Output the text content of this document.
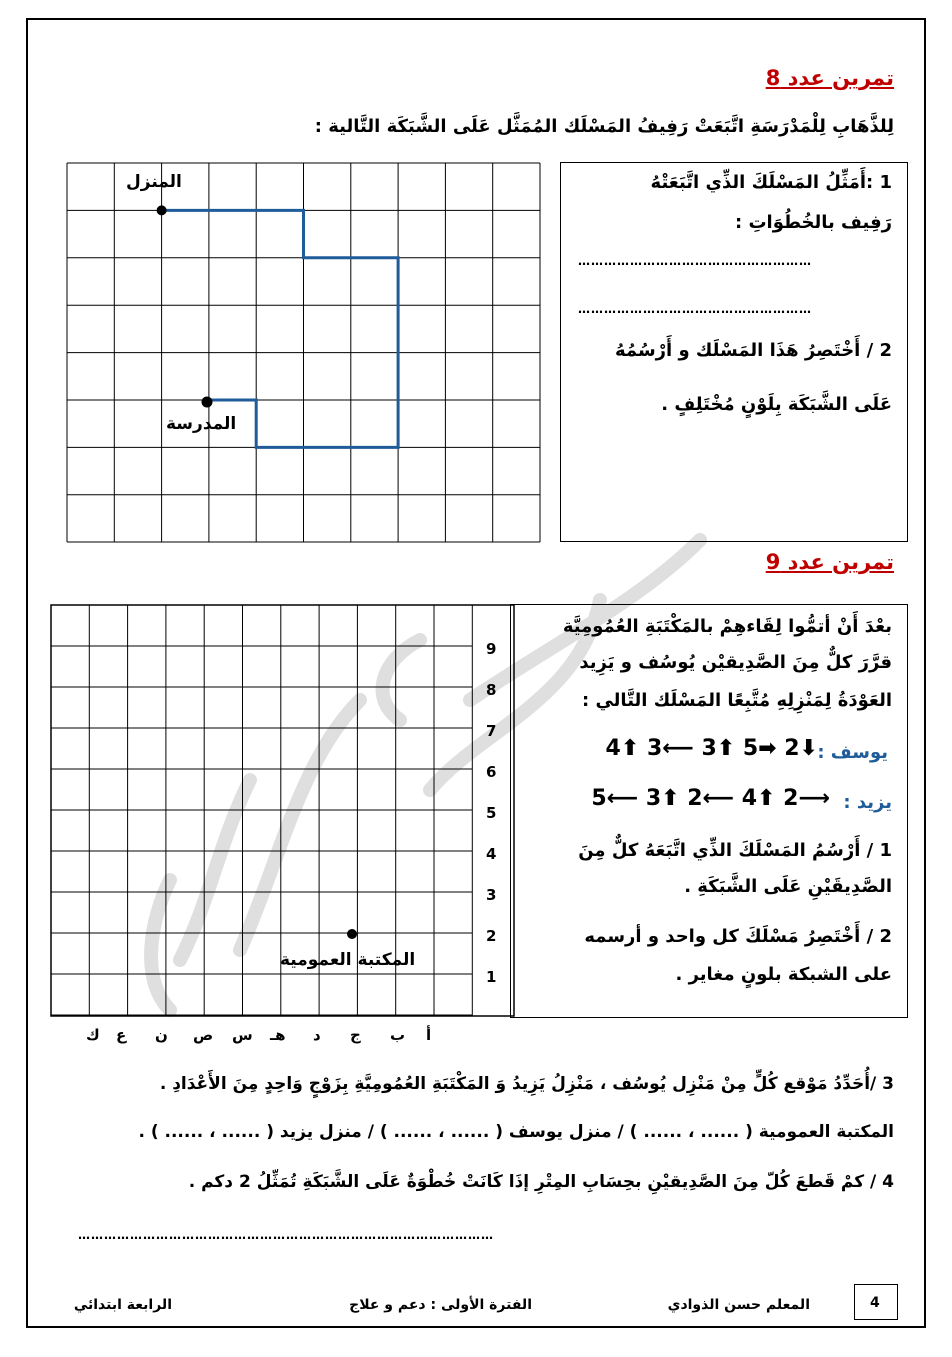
تمرين عدد 8
لِلذَّهَابِ لِلْمَدْرَسَةِ اتَّبَعَتْ رَفِيفُ المَسْلَك المُمَثَّل عَلَى الشَّبَكَة التَّالية :
المنزل
المدرسة
1 :أَمَثِّلُ المَسْلَكَ الذِّي اتَّبَعَتْهُ
رَفِيف بالخُطُوَاتِ :
………………………………………………
………………………………………………
2 / أَخْتَصِرُ هَذَا المَسْلَك و أَرْسُمُهُ
عَلَى الشَّبَكَة بِلَوْنٍ مُخْتَلِفٍ .
تمرين عدد 9
9
8
7
6
5
4
3
2
1
أ
ب
ج
د
هـ
س
ص
ن
ع
ك
المكتبة العمومية
بعْدَ أَنْ أتمُّوا لِقَاءهِمْ بالمَكْتَبَةِ العُمُومِيَّة
قرَّرَ كلٌّ مِنَ الصَّدِيقيْن يُوسُف و يَزِيد
العَوْدَةُ لِمَنْزِلِهِ مُتَّبِعًا المَسْلَك التَّالي :
يوسف :
4⬆ 3⟵ 3⬆ 5➡ 2⬇
يزيد :
5⟵ 3⬆ 2⟵ 4⬆ 2⟶
1 / أَرْسُمُ المَسْلَكَ الذِّي اتَّبَعَهُ كلٌّ مِنَ
الصَّدِيقَيْنِ عَلَى الشَّبَكَةِ .
2 / أَخْتَصِرُ مَسْلَكَ كل واحد و أرسمه
على الشبكة بلونٍ مغاير .
3 /أُحَدِّدُ مَوْقع كُلٍّ مِنْ مَنْزِل يُوسُف ، مَنْزِلُ يَزِيدُ وَ المَكْتَبَةِ العُمُومِيَّةِ بِزَوْجٍ وَاحِدٍ مِنَ الأَعْدَادِ .
المكتبة العمومية ( ...... ، ...... ) / منزل يوسف ( ...... ، ...... ) / منزل يزيد ( ...... ، ...... ) .
4 / كمْ قَطعَ كُلّ مِنَ الصَّدِيقيْنِ بحِسَابِ المِتْرِ إذَا كَانَتْ خُطْوَةٌ عَلَى الشَّبَكَةِ تُمَثِّلُ 2 دكم .
……………………………………………………………………………………
4
المعلم حسن الذوادي
الفترة الأولى : دعم و علاج
الرابعة ابتدائي
